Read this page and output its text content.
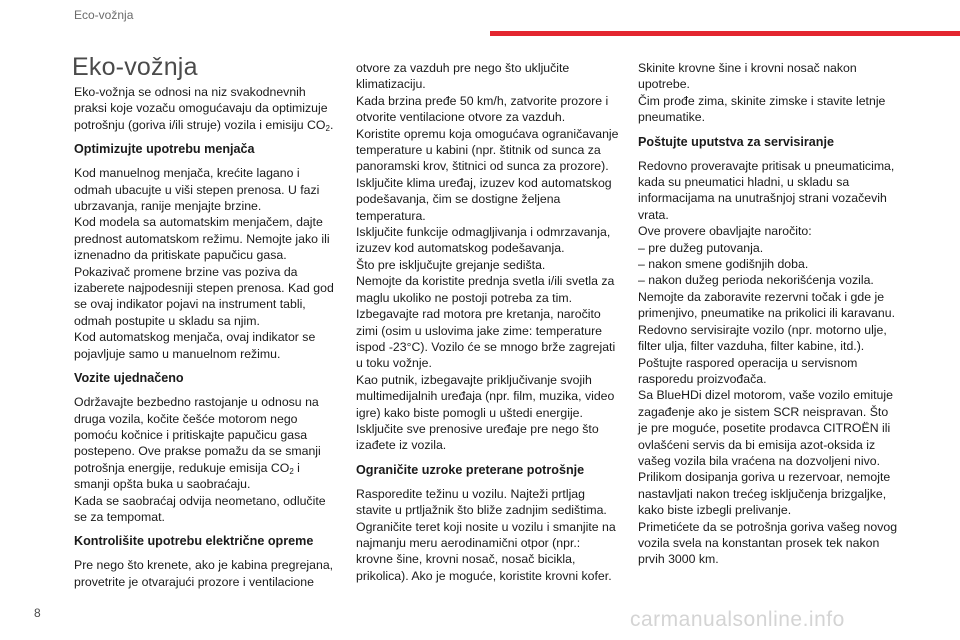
Eco-vožnja
Eko-vožnja

Eko-vožnja se odnosi na niz svakodnevnih praksi koje vozaču omogućavaju da optimizuje potrošnju (goriva i/ili struje) vozila i emisiju $CO_2$.

Optimizujte upotrebu menjača

Kod manuelnog menjača, krećite lagano i odmah ubacujte u viši stepen prenosa. U fazi ubrzavanja, ranije menjajte brzine.
Kod modela sa automatskim menjačem, dajte prednost automatskom režimu. Nemojte jako ili iznenadno da pritiskate papučicu gasa.
Pokazivač promene brzine vas poziva da izaberete najpodesniji stepen prenosa. Kad god se ovaj indikator pojavi na instrument tabli, odmah postupite u skladu sa njim.
Kod automatskog menjača, ovaj indikator se pojavljuje samo u manuelnom režimu.

Vozite ujednačeno

Održavajte bezbedno rastojanje u odnosu na druga vozila, kočite češće motorom nego pomoću kočnice i pritiskajte papučicu gasa postepeno. Ove prakse pomažu da se smanji potrošnja energije, redukuje emisija $CO_2$ i smanji opšta buka u saobraćaju.
Kada se saobraćaj odvija neometano, odlučite se za tempomat.

Kontrolišite upotrebu električne opreme

Pre nego što krenete, ako je kabina pregrejana, provetrite je otvarajući prozore i ventilacione

otvore za vazduh pre nego što uključite klimatizaciju.
Kada brzina pređe 50 km/h, zatvorite prozore i otvorite ventilacione otvore za vazduh.
Koristite opremu koja omogućava ograničavanje temperature u kabini (npr. štitnik od sunca za panoramski krov, štitnici od sunca za prozore).
Isključite klima uređaj, izuzev kod automatskog podešavanja, čim se dostigne željena temperatura.
Isključite funkcije odmagljivanja i odmrzavanja, izuzev kod automatskog podešavanja.
Što pre isključujte grejanje sedišta.
Nemojte da koristite prednja svetla i/ili svetla za maglu ukoliko ne postoji potreba za tim.
Izbegavajte rad motora pre kretanja, naročito zimi (osim u uslovima jake zime: temperature ispod -23°C). Vozilo će se mnogo brže zagrejati u toku vožnje.
Kao putnik, izbegavajte priključivanje svojih multimedijalnih uređaja (npr. film, muzika, video igre) kako biste pomogli u uštedi energije.
Isključite sve prenosive uređaje pre nego što izađete iz vozila.

Ograničite uzroke preterane potrošnje

Rasporedite težinu u vozilu. Najteži prtljag stavite u prtljažnik što bliže zadnjim sedištima.
Ograničite teret koji nosite u vozilu i smanjite na najmanju meru aerodinamični otpor (npr.: krovne šine, krovni nosač, nosač bicikla, prikolica). Ako je moguće, koristite krovni kofer.

Skinite krovne šine i krovni nosač nakon upotrebe.
Čim prođe zima, skinite zimske i stavite letnje pneumatike.

Poštujte uputstva za servisiranje

Redovno proveravajte pritisak u pneumaticima, kada su pneumatici hladni, u skladu sa informacijama na unutrašnjoj strani vozačevih vrata.
Ove provere obavljajte naročito:
– pre dužeg putovanja.
– nakon smene godišnjih doba.
– nakon dužeg perioda nekorišćenja vozila.
Nemojte da zaboravite rezervni točak i gde je primenjivo, pneumatike na prikolici ili karavanu.
Redovno servisirajte vozilo (npr. motorno ulje, filter ulja, filter vazduha, filter kabine, itd.). Poštujte raspored operacija u servisnom rasporedu proizvođača.
Sa BlueHDi dizel motorom, vaše vozilo emituje zagađenje ako je sistem SCR neispravan. Što je pre moguće, posetite prodavca CITROËN ili ovlašćeni servis da bi emisija azot-oksida iz vašeg vozila bila vraćena na dozvoljeni nivo.
Prilikom dosipanja goriva u rezervoar, nemojte nastavljati nakon trećeg isključenja brizgaljke, kako biste izbegli prelivanje.
Primetićete da se potrošnja goriva vašeg novog vozila svela na konstantan prosek tek nakon prvih 3000 km.

8	carmanualsonline.info
